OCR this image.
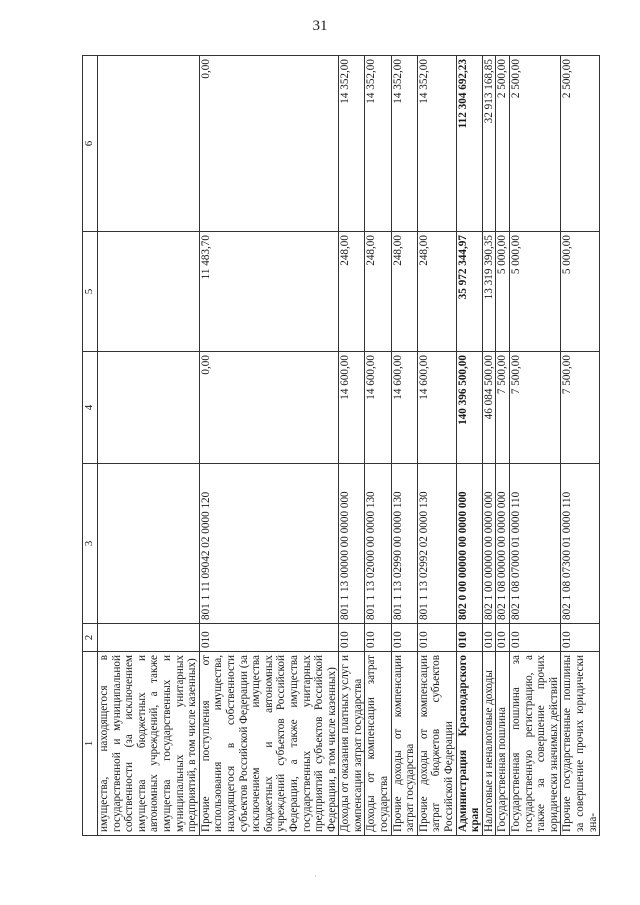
31
1	2	3	4	5	6
имущества, находящегося в государственной и муниципальной собственности (за исключением имущества бюджетных и автономных учреждений, а также имущества государственных и муниципальных унитарных предприятий, в том числе казенных)					
Прочие поступления от использования имущества, находящегося в собственности субъектов Российской Федерации (за исключением имущества бюджетных и автономных учреждений субъектов Российской Федерации, а также имущества государственных унитарных предприятий субъектов Российской Федерации, в том числе казенных)	010	801 1 11 09042 02 0000 120	0,00	11 483,70	0,00
Доходы от оказания платных услуг и компенсации затрат государства	010	801 1 13 00000 00 0000 000	14 600,00	248,00	14 352,00
Доходы от компенсации затрат государства	010	801 1 13 02000 00 0000 130	14 600,00	248,00	14 352,00
Прочие доходы от компенсации затрат государства	010	801 1 13 02990 00 0000 130	14 600,00	248,00	14 352,00
Прочие доходы от компенсации затрат бюджетов субъектов Российской Федерации	010	801 1 13 02992 02 0000 130	14 600,00	248,00	14 352,00
Администрация Краснодарского края	010	802 0 00 00000 00 0000 000	140 396 500,00	35 972 344,97	112 304 692,23
Налоговые и неналоговые доходы	010	802 1 00 00000 00 0000 000	46 084 500,00	13 319 390,35	32 913 168,85
Государственная пошлина	010	802 1 08 00000 00 0000 000	7 500,00	5 000,00	2 500,00
Государственная пошлина за государственную регистрацию, а также за совершение прочих юридически значимых действий	010	802 1 08 07000 01 0000 110	7 500,00	5 000,00	2 500,00
Прочие государственные пошлины за совершение прочих юридически зна-	010	802 1 08 07300 01 0000 110	7 500,00	5 000,00	2 500,00
·
